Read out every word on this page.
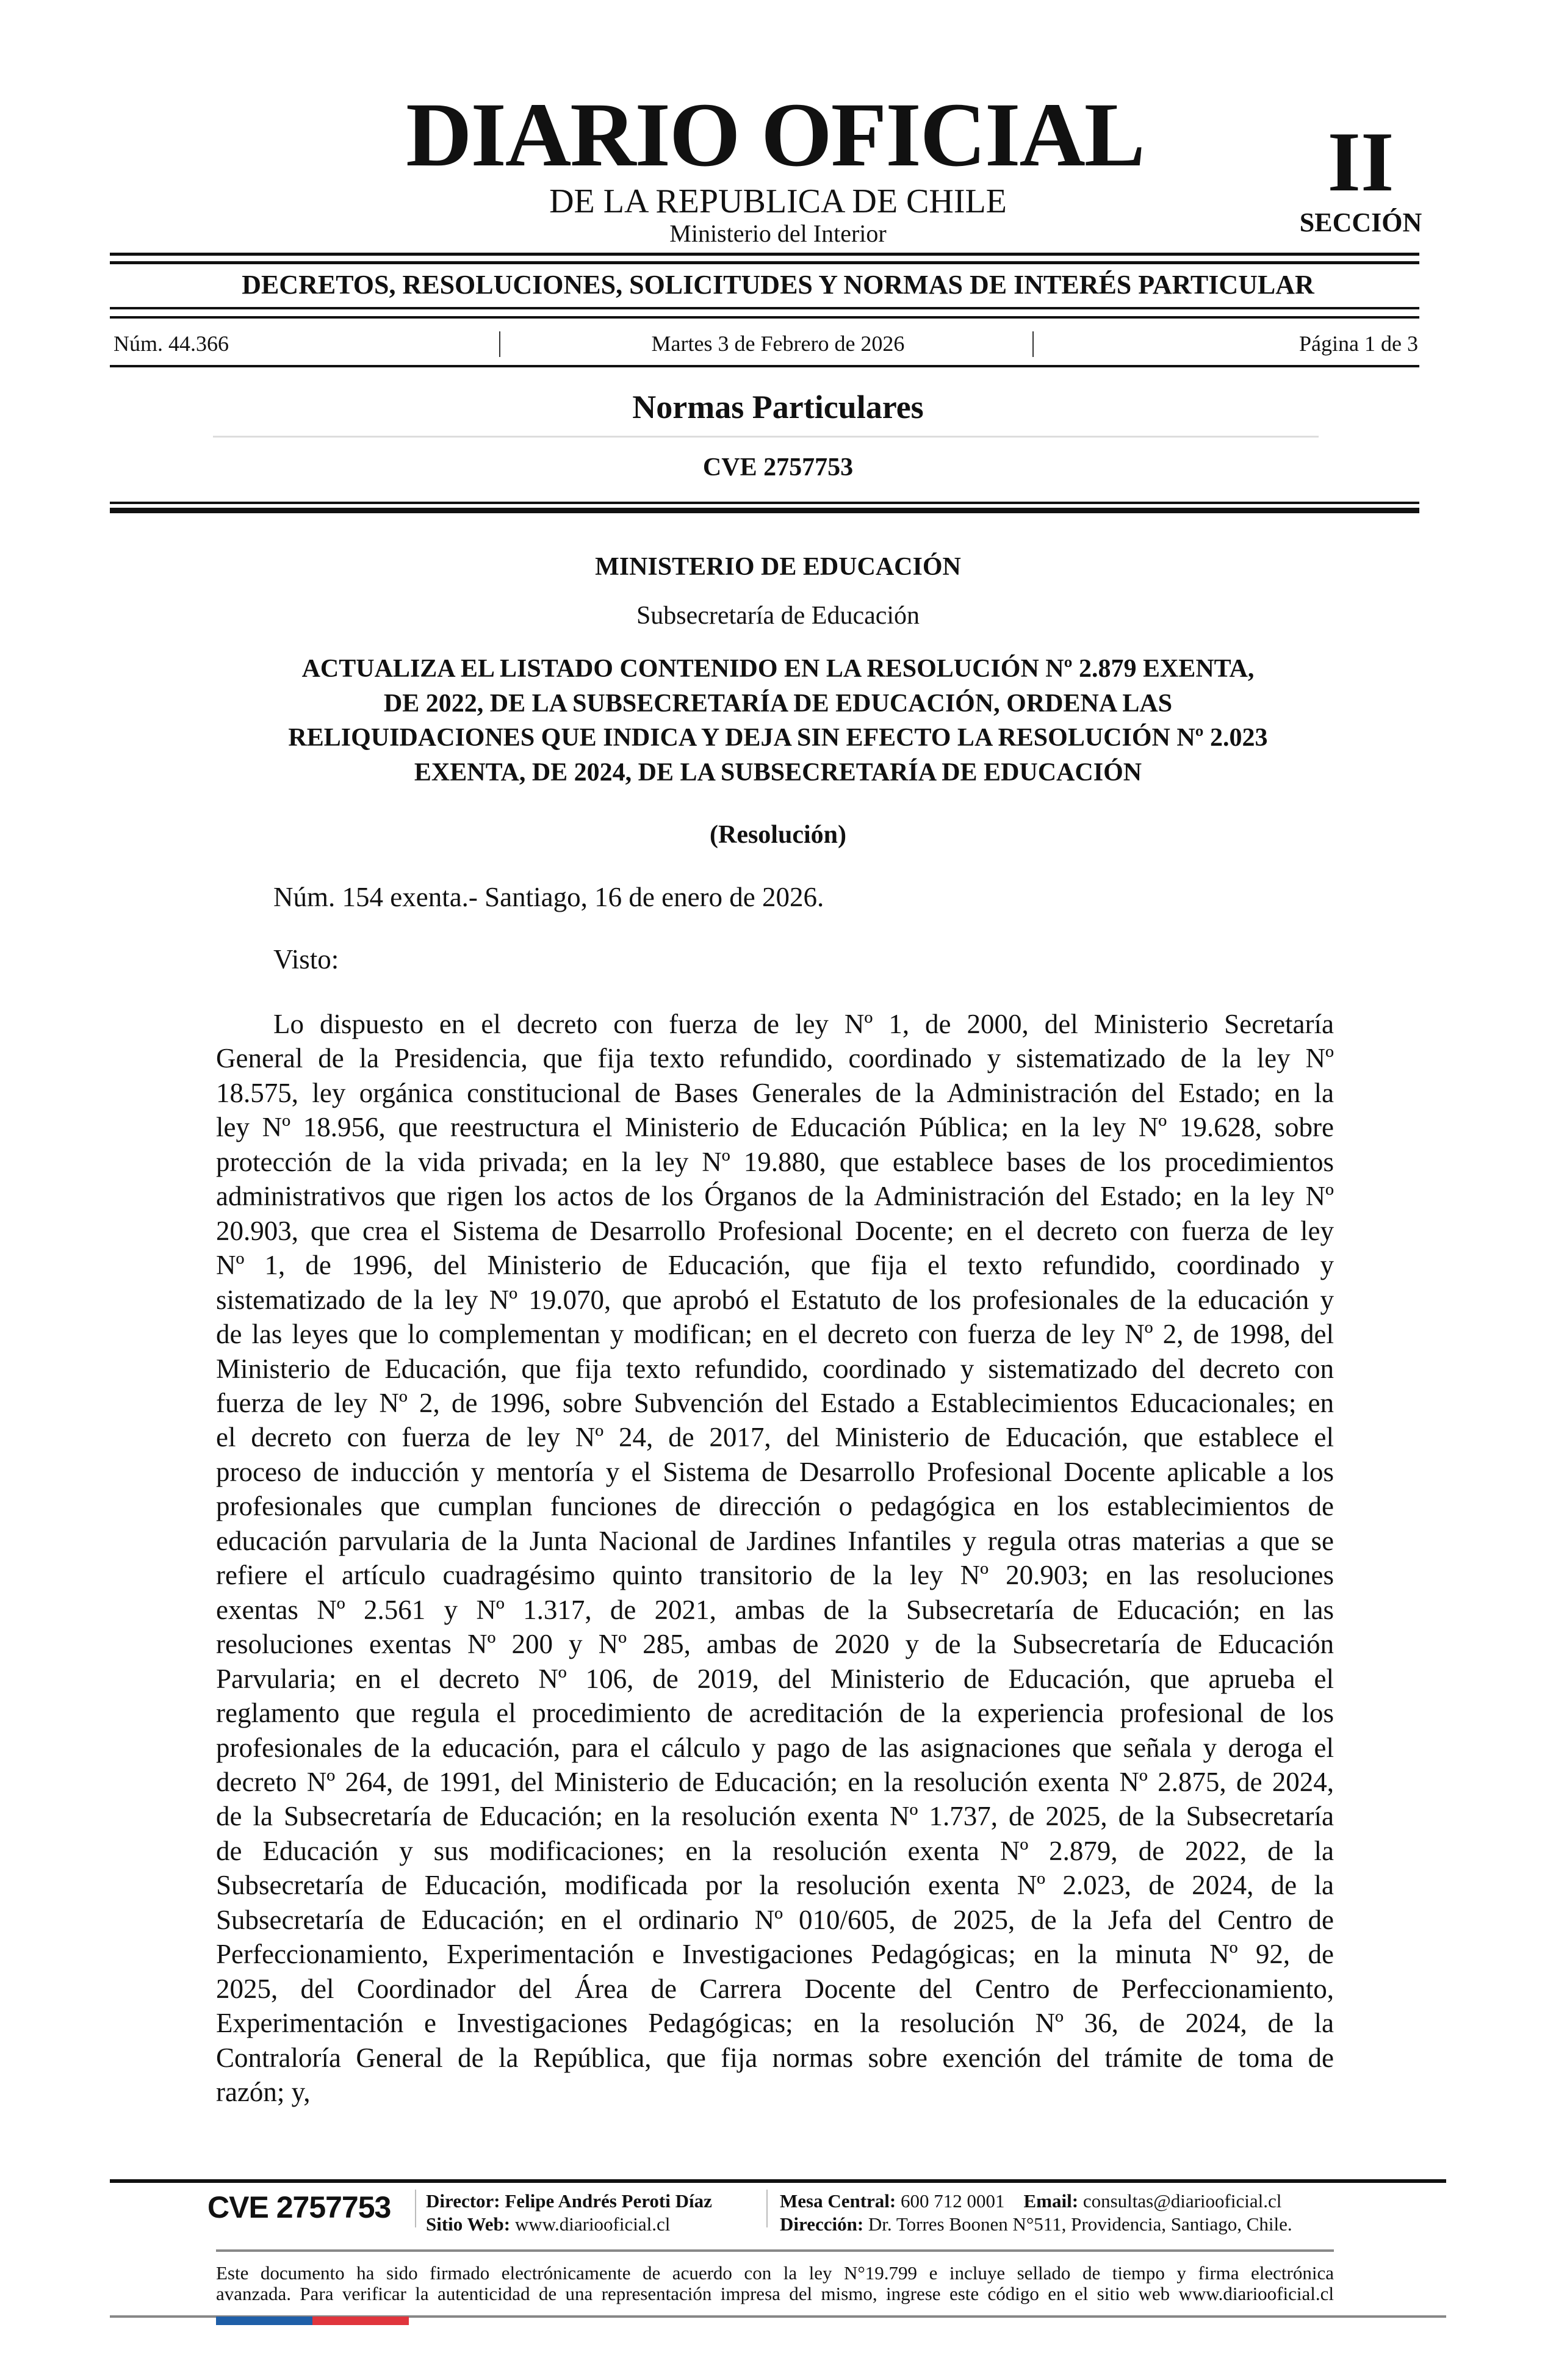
DIARIO OFICIAL
DE LA REPUBLICA DE CHILE
Ministerio del Interior
II
SECCIÓN
DECRETOS, RESOLUCIONES, SOLICITUDES Y NORMAS DE INTERÉS PARTICULAR
Núm. 44.366	Martes 3 de Febrero de 2026	Página 1 de 3
Normas Particulares
CVE 2757753
MINISTERIO DE EDUCACIÓN
Subsecretaría de Educación
ACTUALIZA EL LISTADO CONTENIDO EN LA RESOLUCIÓN Nº 2.879 EXENTA,
DE 2022, DE LA SUBSECRETARÍA DE EDUCACIÓN, ORDENA LAS
RELIQUIDACIONES QUE INDICA Y DEJA SIN EFECTO LA RESOLUCIÓN Nº 2.023
EXENTA, DE 2024, DE LA SUBSECRETARÍA DE EDUCACIÓN
(Resolución)
Núm. 154 exenta.- Santiago, 16 de enero de 2026.
Visto:
Lo dispuesto en el decreto con fuerza de ley Nº 1, de 2000, del Ministerio Secretaría
General de la Presidencia, que fija texto refundido, coordinado y sistematizado de la ley Nº
18.575, ley orgánica constitucional de Bases Generales de la Administración del Estado; en la
ley Nº 18.956, que reestructura el Ministerio de Educación Pública; en la ley Nº 19.628, sobre
protección de la vida privada; en la ley Nº 19.880, que establece bases de los procedimientos
administrativos que rigen los actos de los Órganos de la Administración del Estado; en la ley Nº
20.903, que crea el Sistema de Desarrollo Profesional Docente; en el decreto con fuerza de ley
Nº 1, de 1996, del Ministerio de Educación, que fija el texto refundido, coordinado y
sistematizado de la ley Nº 19.070, que aprobó el Estatuto de los profesionales de la educación y
de las leyes que lo complementan y modifican; en el decreto con fuerza de ley Nº 2, de 1998, del
Ministerio de Educación, que fija texto refundido, coordinado y sistematizado del decreto con
fuerza de ley Nº 2, de 1996, sobre Subvención del Estado a Establecimientos Educacionales; en
el decreto con fuerza de ley Nº 24, de 2017, del Ministerio de Educación, que establece el
proceso de inducción y mentoría y el Sistema de Desarrollo Profesional Docente aplicable a los
profesionales que cumplan funciones de dirección o pedagógica en los establecimientos de
educación parvularia de la Junta Nacional de Jardines Infantiles y regula otras materias a que se
refiere el artículo cuadragésimo quinto transitorio de la ley Nº 20.903; en las resoluciones
exentas Nº 2.561 y Nº 1.317, de 2021, ambas de la Subsecretaría de Educación; en las
resoluciones exentas Nº 200 y Nº 285, ambas de 2020 y de la Subsecretaría de Educación
Parvularia; en el decreto Nº 106, de 2019, del Ministerio de Educación, que aprueba el
reglamento que regula el procedimiento de acreditación de la experiencia profesional de los
profesionales de la educación, para el cálculo y pago de las asignaciones que señala y deroga el
decreto Nº 264, de 1991, del Ministerio de Educación; en la resolución exenta Nº 2.875, de 2024,
de la Subsecretaría de Educación; en la resolución exenta Nº 1.737, de 2025, de la Subsecretaría
de Educación y sus modificaciones; en la resolución exenta Nº 2.879, de 2022, de la
Subsecretaría de Educación, modificada por la resolución exenta Nº 2.023, de 2024, de la
Subsecretaría de Educación; en el ordinario Nº 010/605, de 2025, de la Jefa del Centro de
Perfeccionamiento, Experimentación e Investigaciones Pedagógicas; en la minuta Nº 92, de
2025, del Coordinador del Área de Carrera Docente del Centro de Perfeccionamiento,
Experimentación e Investigaciones Pedagógicas; en la resolución Nº 36, de 2024, de la
Contraloría General de la República, que fija normas sobre exención del trámite de toma de
razón; y,
CVE 2757753 Director: Felipe Andrés Peroti Díaz
Sitio Web: www.diariooficial.cl
Mesa Central: 600 712 0001 Email: consultas@diariooficial.cl
Dirección: Dr. Torres Boonen N°511, Providencia, Santiago, Chile.
Este documento ha sido firmado electrónicamente de acuerdo con la ley N°19.799 e incluye sellado de tiempo y firma electrónica
avanzada. Para verificar la autenticidad de una representación impresa del mismo, ingrese este código en el sitio web www.diariooficial.cl
